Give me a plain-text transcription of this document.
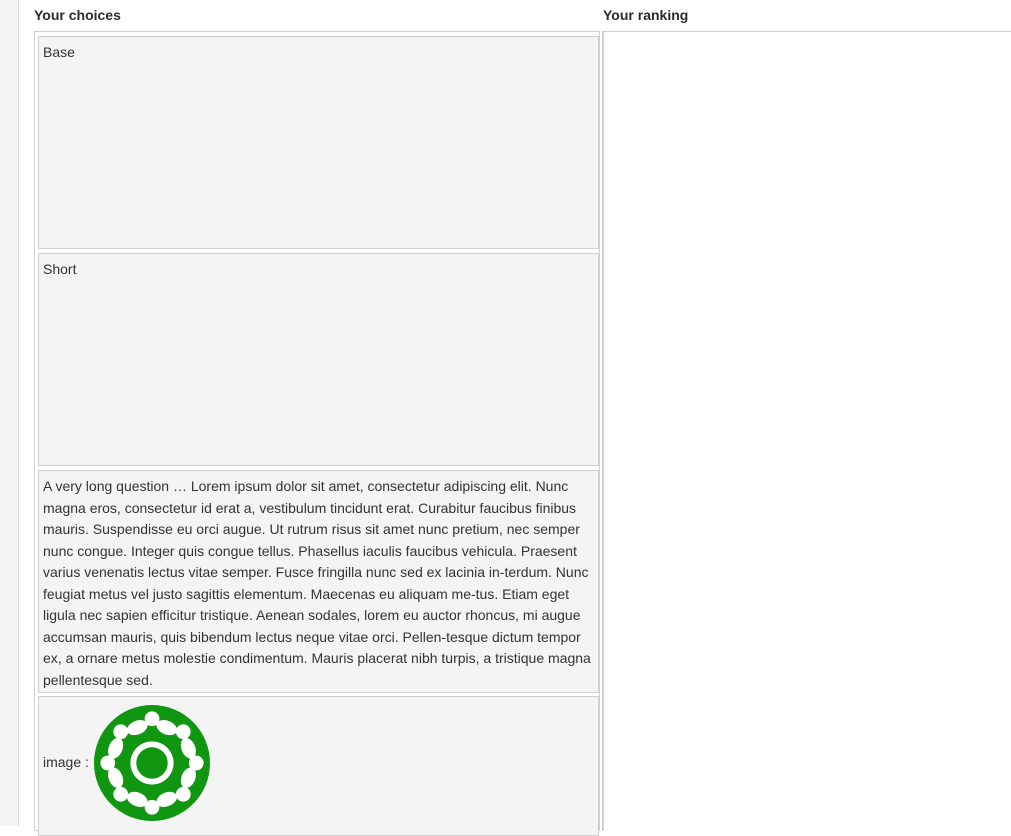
Your choices	Your ranking
Base
Short
A very long question … Lorem ipsum dolor sit amet, consectetur adipiscing elit. Nunc magna eros, consectetur id erat a, vestibulum tincidunt erat. Curabitur faucibus finibus mauris. Suspendisse eu orci augue. Ut rutrum risus sit amet nunc pretium, nec semper nunc congue. Integer quis congue tellus. Phasellus iaculis faucibus vehicula. Praesent varius venenatis lectus vitae semper. Fusce fringilla nunc sed ex lacinia in-terdum. Nunc feugiat metus vel justo sagittis elementum. Maecenas eu aliquam me-tus. Etiam eget ligula nec sapien efficitur tristique. Aenean sodales, lorem eu auctor rhoncus, mi augue accumsan mauris, quis bibendum lectus neque vitae orci. Pellen-tesque dictum tempor ex, a ornare metus molestie condimentum. Mauris placerat nibh turpis, a tristique magna pellentesque sed.
image :
